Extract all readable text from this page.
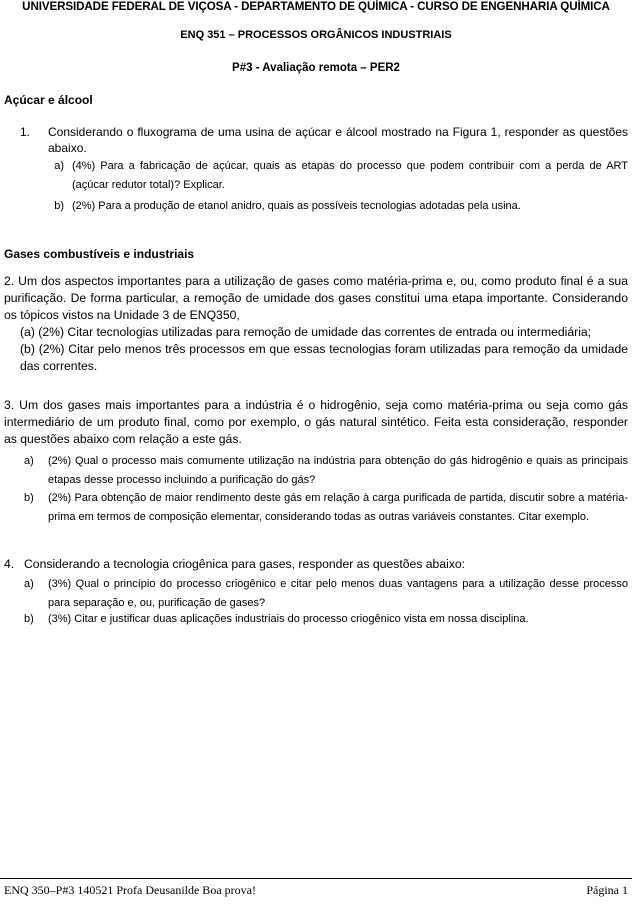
UNIVERSIDADE FEDERAL DE VIÇOSA - DEPARTAMENTO DE QUÍMICA - CURSO DE ENGENHARIA QUÍMICA
ENQ 351 – PROCESSOS ORGÂNICOS INDUSTRIAIS
P#3 - Avaliação remota – PER2
Açúcar e álcool
1.	Considerando o fluxograma de uma usina de açúcar e álcool mostrado na Figura 1, responder as questões abaixo.
a) (4%) Para a fabricação de açúcar, quais as etapas do processo que podem contribuir com a perda de ART (açúcar redutor total)? Explicar.
b) (2%) Para a produção de etanol anidro, quais as possíveis tecnologias adotadas pela usina.
Gases combustíveis e industriais
2. Um dos aspectos importantes para a utilização de gases como matéria-prima e, ou, como produto final é a sua purificação. De forma particular, a remoção de umidade dos gases constitui uma etapa importante. Considerando os tópicos vistos na Unidade 3 de ENQ350,
(a) (2%) Citar tecnologias utilizadas para remoção de umidade das correntes de entrada ou intermediária;
(b) (2%) Citar pelo menos três processos em que essas tecnologias foram utilizadas para remoção da umidade das correntes.
3. Um dos gases mais importantes para a indústria é o hidrogênio, seja como matéria-prima ou seja como gás intermediário de um produto final, como por exemplo, o gás natural sintético. Feita esta consideração, responder as questões abaixo com relação a este gás.
a)	(2%) Qual o processo mais comumente utilização na indústria para obtenção do gás hidrogênio e quais as principais etapas desse processo incluindo a purificação do gás?
b)	(2%) Para obtenção de maior rendimento deste gás em relação à carga purificada de partida, discutir sobre a matéria-prima em termos de composição elementar, considerando todas as outras variáveis constantes. Citar exemplo.
4. Considerando a tecnologia criogênica para gases, responder as questões abaixo:
a)	(3%) Qual o princípio do processo criogênico e citar pelo menos duas vantagens para a utilização desse processo para separação e, ou, purificação de gases?
b)	(3%) Citar e justificar duas aplicações industriais do processo criogênico vista em nossa disciplina.
ENQ 350–P#3 140521 Profa Deusanilde Boa prova!	Página 1
